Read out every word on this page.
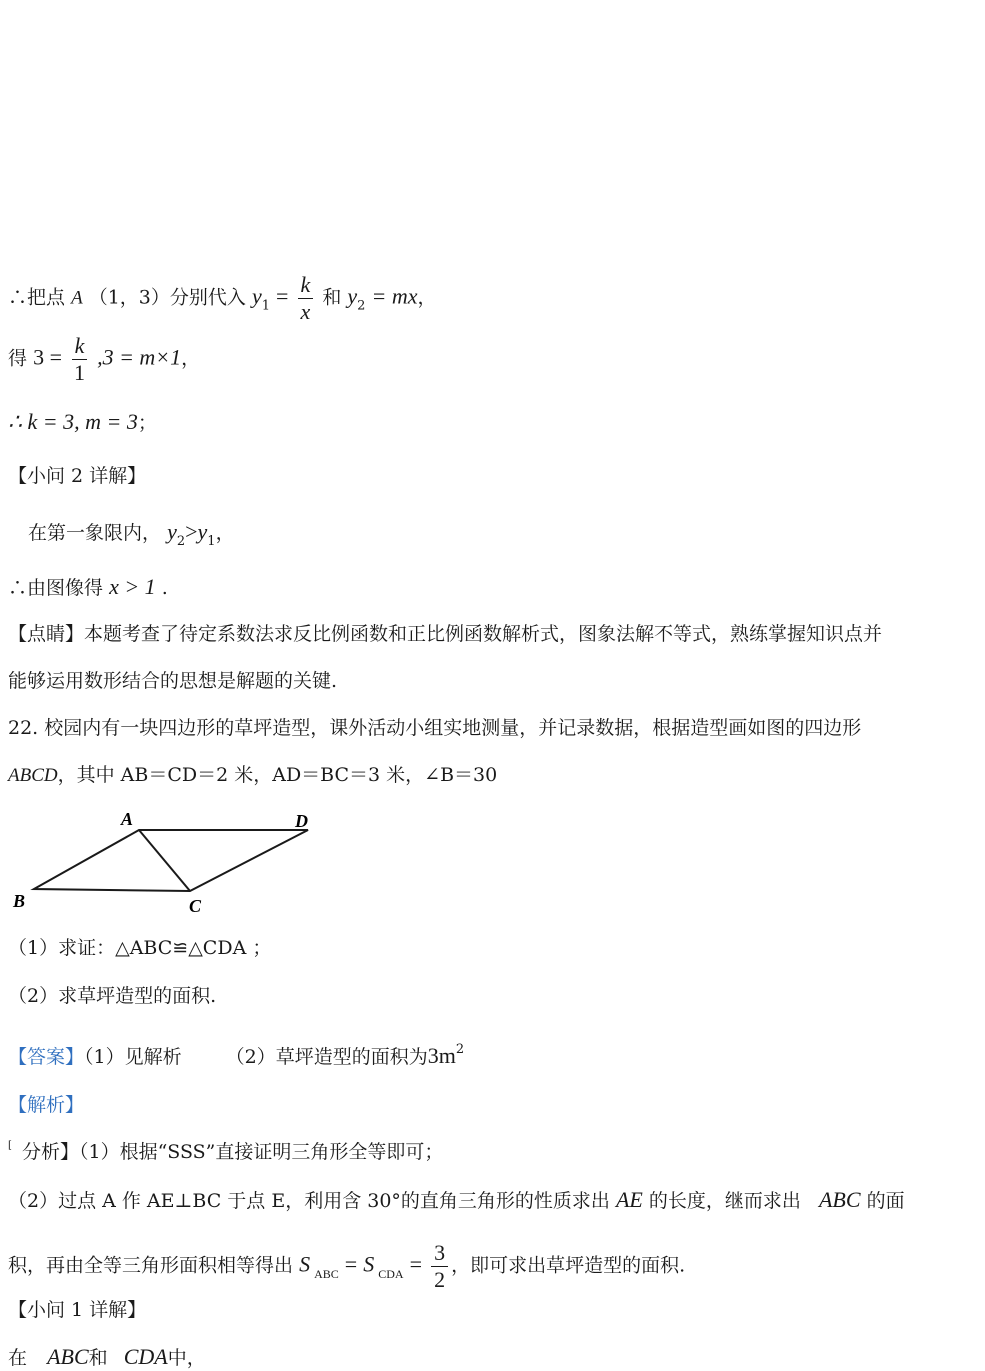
∴把点 A （1，3）分别代入 $y_1 = \frac{k}{x}$ 和 $y_2$ = mx，
得 $3 = \frac{k}{1} ,3 = m\times 1$，
∴ k = 3, m = 3；
【小问 2 详解】
在第一象限内， $y_2>y_1$，
∴由图像得 x > 1 .
【点睛】本题考查了待定系数法求反比例函数和正比例函数解析式，图象法解不等式，熟练掌握知识点并
能够运用数形结合的思想是解题的关键.
22. 校园内有一块四边形的草坪造型，课外活动小组实地测量，并记录数据，根据造型画如图的四边形
ABCD，其中 AB＝CD＝2 米，AD＝BC＝3 米，∠B＝30
A	D
B	C
（1）求证：△ABC≌△CDA ；
（2）求草坪造型的面积.
【答案】（1）见解析 （2）草坪造型的面积为$3m^2$
【解析】
[ 分析】（1）根据“SSS”直接证明三角形全等即可；
（2）过点 A 作 AE⊥BC 于点 E，利用含 30°的直角三角形的性质求出 AE 的长度，继而求出 ABC 的面
积，再由全等三角形面积相等得出 S $_{ABC}$ = S $_{CDA} = \frac{3}{2}$ ，即可求出草坪造型的面积.
【小问 1 详解】
在 ABC和 CDA中，
